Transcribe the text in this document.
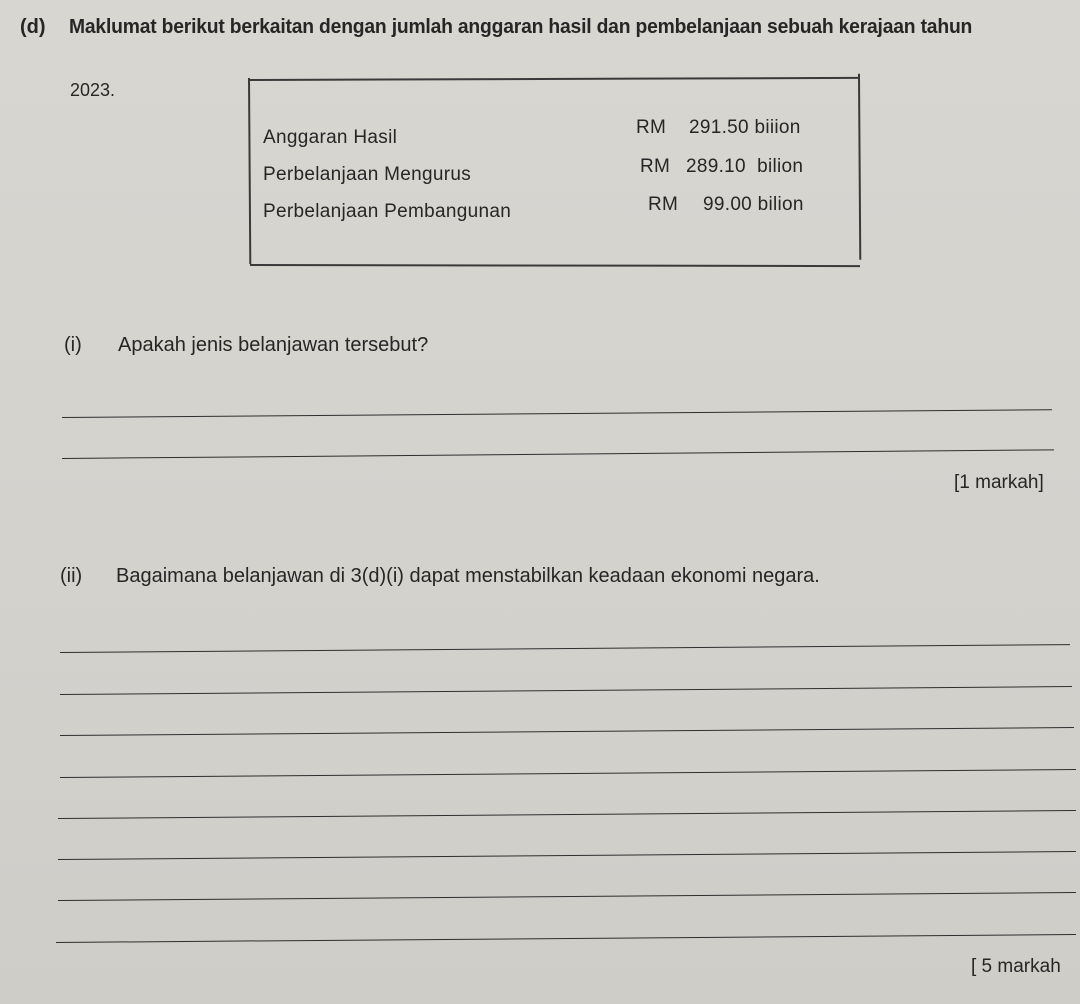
(d) Maklumat berikut berkaitan dengan jumlah anggaran hasil dan pembelanjaan sebuah kerajaan tahun
2023.
Anggaran Hasil	RM 291.50 biiion
Perbelanjaan Mengurus	RM 289.10  bilion
Perbelanjaan Pembangunan	RM 99.00 bilion
(i) Apakah jenis belanjawan tersebut?
[1 markah]
(ii) Bagaimana belanjawan di 3(d)(i) dapat menstabilkan keadaan ekonomi negara.
[ 5 markah
